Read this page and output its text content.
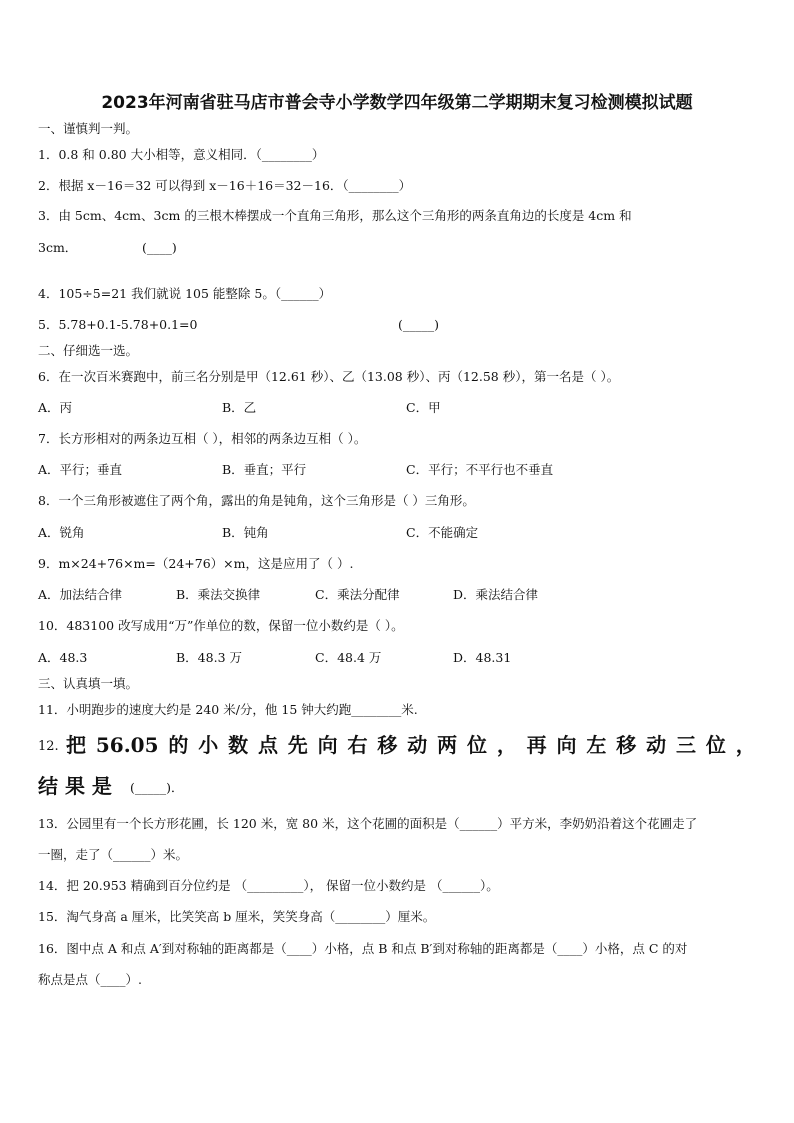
2023年河南省驻马店市普会寺小学数学四年级第二学期期末复习检测模拟试题
一、谨慎判一判。
1．0.8 和 0.80 大小相等，意义相同．（________）
2．根据 x－16＝32 可以得到 x－16＋16＝32－16．（________）
3．由 5cm、4cm、3cm 的三根木棒摆成一个直角三角形，那么这个三角形的两条直角边的长度是 4cm 和
3cm．	(____)
4．105÷5=21 我们就说 105 能整除 5。（______）
5．5.78+0.1-5.78+0.1=0	(_____)
二、仔细选一选。
6．在一次百米赛跑中，前三名分别是甲（12.61 秒）、乙（13.08 秒）、丙（12.58 秒），第一名是（ ）。
A．丙	B．乙	C．甲
7．长方形相对的两条边互相（ ），相邻的两条边互相（ ）。
A．平行；垂直	B．垂直；平行	C．平行；不平行也不垂直
8．一个三角形被遮住了两个角，露出的角是钝角，这个三角形是（ ）三角形。
A．锐角	B．钝角	C．不能确定
9．m×24+76×m=（24+76）×m，这是应用了（ ）.
A．加法结合律	B．乘法交换律	C．乘法分配律	D．乘法结合律
10．483100 改写成用“万”作单位的数，保留一位小数约是（ ）。
A．48.3	B．48.3 万	C．48.4 万	D．48.31
三、认真填一填。
11．小明跑步的速度大约是 240 米/分，他 15 钟大约跑________米.
12. 把 56.05 的 小 数 点 先 向 右 移 动 两 位 ， 再 向 左 移 动 三 位 ，
结 果 是 (_____)．
13．公园里有一个长方形花圃，长 120 米，宽 80 米，这个花圃的面积是（______）平方米，李奶奶沿着这个花圃走了
一圈，走了（______）米。
14．把 20.953 精确到百分位约是 （_________）， 保留一位小数约是 （______）。
15．淘气身高 a 厘米，比笑笑高 b 厘米，笑笑身高（________）厘米。
16．图中点 A 和点 A′到对称轴的距离都是（____）小格，点 B 和点 B′到对称轴的距离都是（____）小格，点 C 的对
称点是点（____）.
